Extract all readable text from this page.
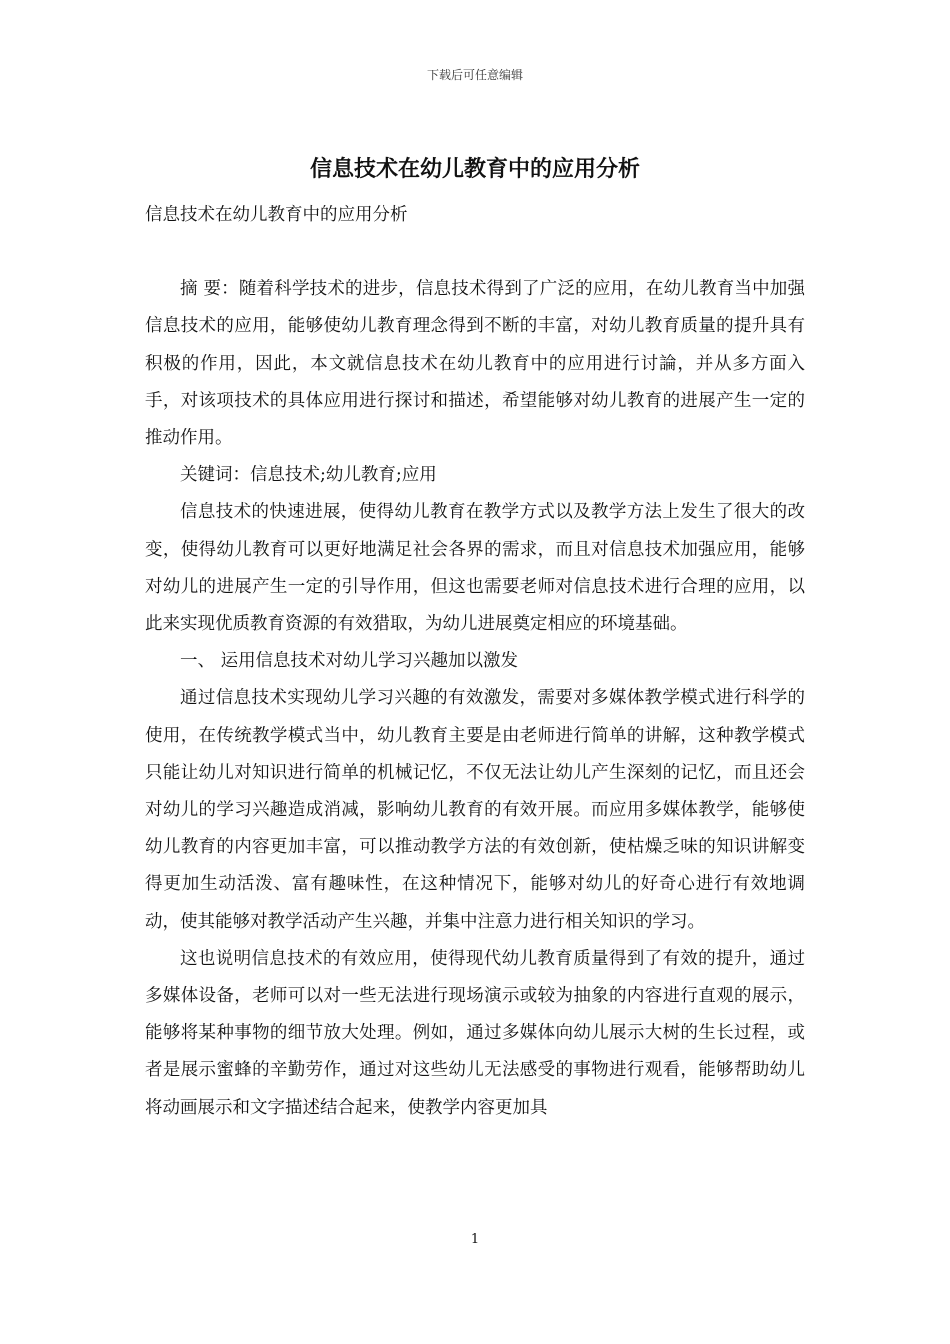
下载后可任意编辑
信息技术在幼儿教育中的应用分析

信息技术在幼儿教育中的应用分析

摘 要：随着科学技术的进步，信息技术得到了广泛的应用，在幼儿教育当中加强信息技术的应用，能够使幼儿教育理念得到不断的丰富，对幼儿教育质量的提升具有积极的作用，因此，本文就信息技术在幼儿教育中的应用进行讨論，并从多方面入手，对该项技术的具体应用进行探讨和描述，希望能够对幼儿教育的进展产生一定的推动作用。

关键词：信息技术;幼儿教育;应用

信息技术的快速进展，使得幼儿教育在教学方式以及教学方法上发生了很大的改变，使得幼儿教育可以更好地满足社会各界的需求，而且对信息技术加强应用，能够对幼儿的进展产生一定的引导作用，但这也需要老师对信息技术进行合理的应用，以此来实现优质教育资源的有效猎取，为幼儿进展奠定相应的环境基础。

一、 运用信息技术对幼儿学习兴趣加以激发

通过信息技术实现幼儿学习兴趣的有效激发，需要对多媒体教学模式进行科学的使用，在传统教学模式当中，幼儿教育主要是由老师进行简单的讲解，这种教学模式只能让幼儿对知识进行简单的机械记忆，不仅无法让幼儿产生深刻的记忆，而且还会对幼儿的学习兴趣造成消减，影响幼儿教育的有效开展。而应用多媒体教学，能够使幼儿教育的内容更加丰富，可以推动教学方法的有效创新，使枯燥乏味的知识讲解变得更加生动活泼、富有趣味性，在这种情况下，能够对幼儿的好奇心进行有效地调动，使其能够对教学活动产生兴趣，并集中注意力进行相关知识的学习。

这也说明信息技术的有效应用，使得现代幼儿教育质量得到了有效的提升，通过多媒体设备，老师可以对一些无法进行现场演示或较为抽象的内容进行直观的展示，能够将某种事物的细节放大处理。例如，通过多媒体向幼儿展示大树的生长过程，或者是展示蜜蜂的辛勤劳作，通过对这些幼儿无法感受的事物进行观看，能够帮助幼儿将动画展示和文字描述结合起来，使教学内容更加具

1
